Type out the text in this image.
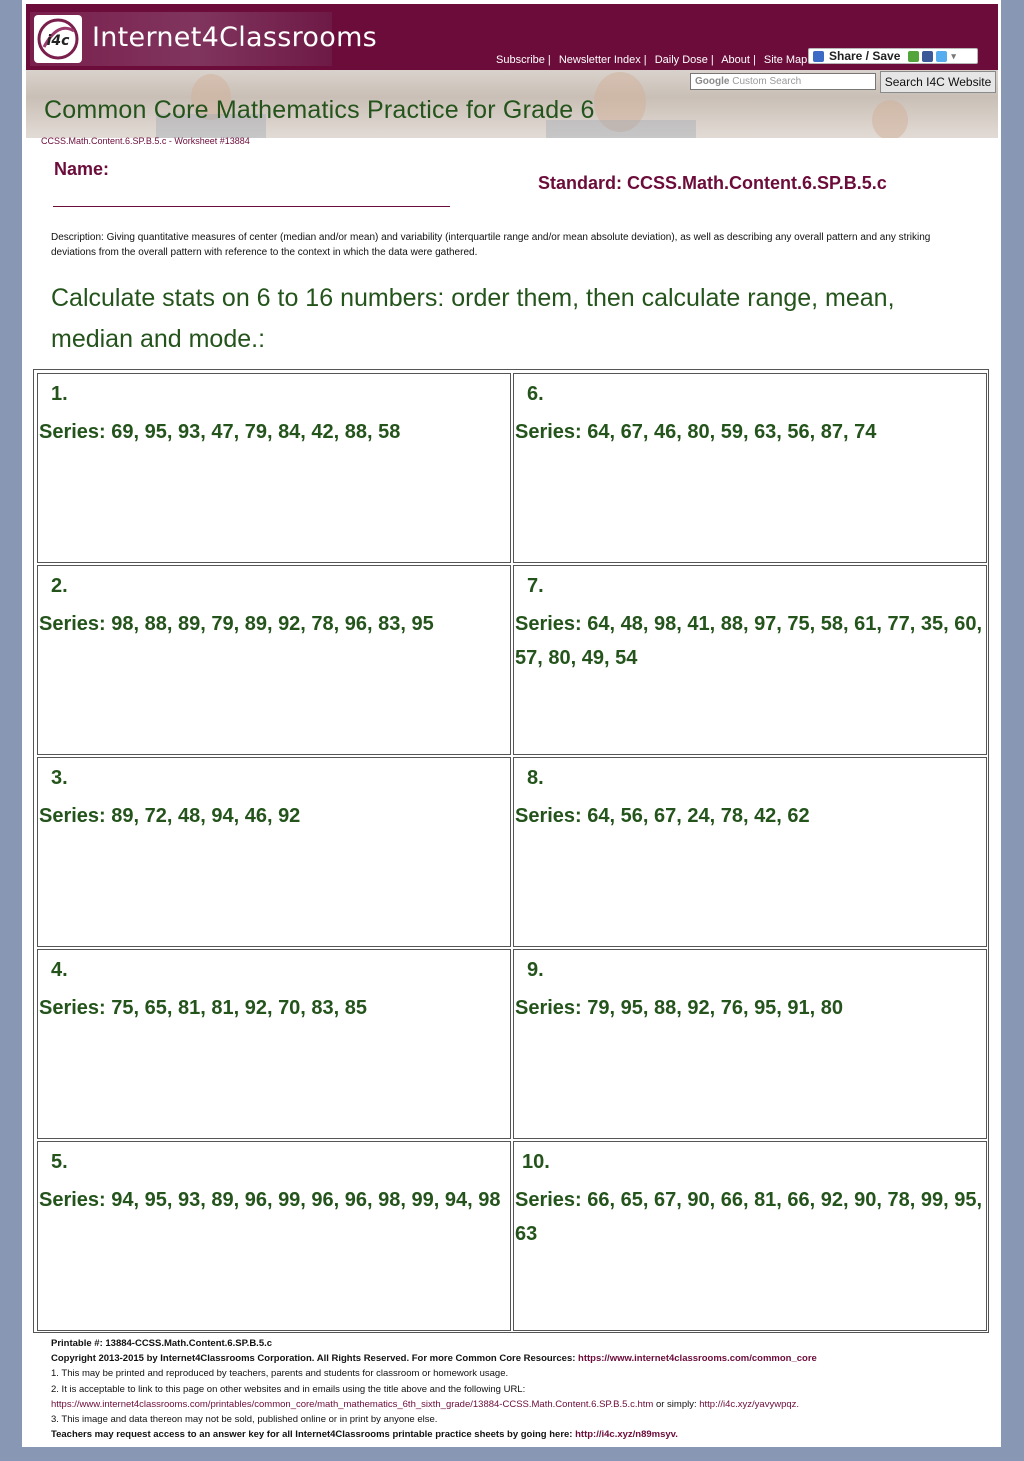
i4c Internet4Classrooms
Subscribe | Newsletter Index | Daily Dose | About | Site Map Share / Save	▾
Common Core Mathematics Practice for Grade 6
Google Custom Search	Search I4C Website
CCSS.Math.Content.6.SP.B.5.c - Worksheet #13884
Name:
Standard: CCSS.Math.Content.6.SP.B.5.c
Description: Giving quantitative measures of center (median and/or mean) and variability (interquartile range and/or mean absolute deviation), as well as describing any overall pattern and any striking deviations from the overall pattern with reference to the context in which the data were gathered.
Calculate stats on 6 to 16 numbers: order them, then calculate range, mean, median and mode.:
1.
Series: 69, 95, 93, 47, 79, 84, 42, 88, 58
6.
Series: 64, 67, 46, 80, 59, 63, 56, 87, 74
2.
Series: 98, 88, 89, 79, 89, 92, 78, 96, 83, 95
7.
Series: 64, 48, 98, 41, 88, 97, 75, 58, 61, 77, 35, 60, 57, 80, 49, 54
3.
Series: 89, 72, 48, 94, 46, 92
8.
Series: 64, 56, 67, 24, 78, 42, 62
4.
Series: 75, 65, 81, 81, 92, 70, 83, 85
9.
Series: 79, 95, 88, 92, 76, 95, 91, 80
5.
Series: 94, 95, 93, 89, 96, 99, 96, 96, 98, 99, 94, 98
10.
Series: 66, 65, 67, 90, 66, 81, 66, 92, 90, 78, 99, 95, 63
Printable #: 13884-CCSS.Math.Content.6.SP.B.5.c
Copyright 2013-2015 by Internet4Classrooms Corporation. All Rights Reserved. For more Common Core Resources: https://www.internet4classrooms.com/common_core
1. This may be printed and reproduced by teachers, parents and students for classroom or homework usage.
2. It is acceptable to link to this page on other websites and in emails using the title above and the following URL:
https://www.internet4classrooms.com/printables/common_core/math_mathematics_6th_sixth_grade/13884-CCSS.Math.Content.6.SP.B.5.c.htm or simply: http://i4c.xyz/yavywpqz.
3. This image and data thereon may not be sold, published online or in print by anyone else.
Teachers may request access to an answer key for all Internet4Classrooms printable practice sheets by going here: http://i4c.xyz/n89msyv.
